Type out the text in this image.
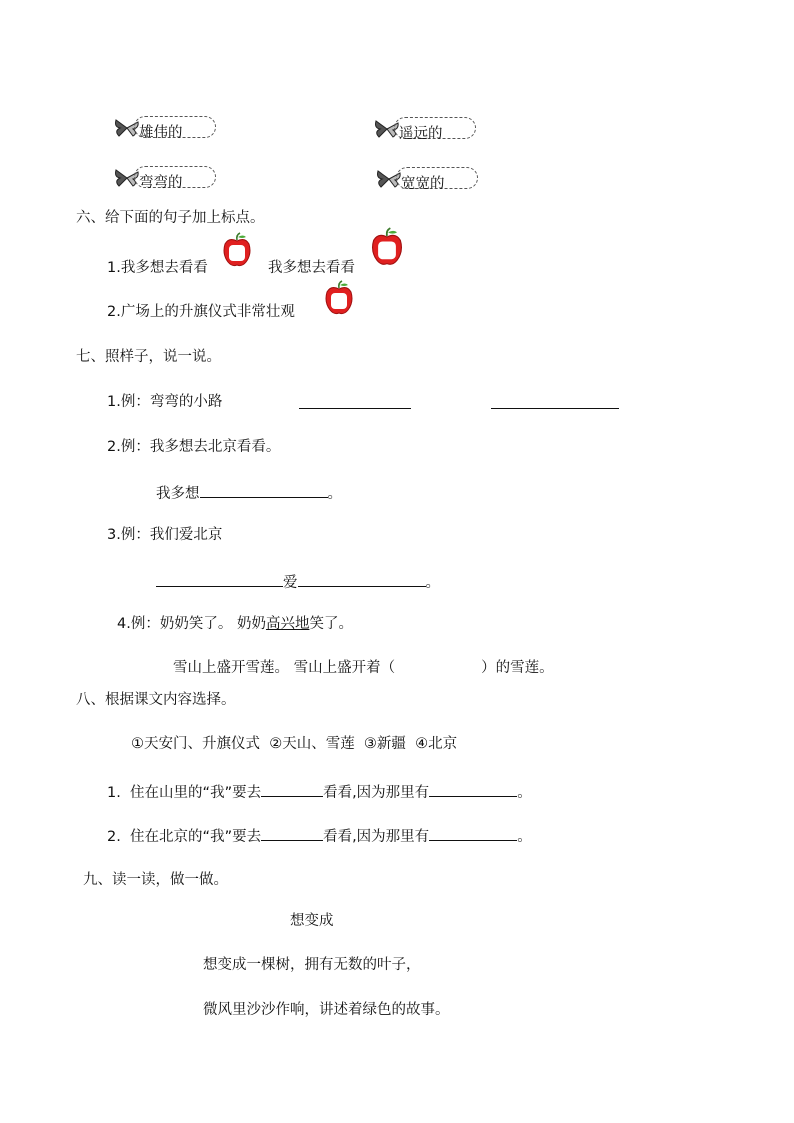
雄伟的	遥远的
弯弯的	宽宽的
六、给下面的句子加上标点。
1.我多想去看看	我多想去看看
2.广场上的升旗仪式非常壮观
七、照样子，说一说。
1.例：弯弯的小路
2.例：我多想去北京看看。
我多想	。
3.例：我们爱北京
爱	。
4.例：奶奶笑了。 奶奶高兴地笑了。
雪山上盛开雪莲。 雪山上盛开着（	）的雪莲。
八、根据课文内容选择。
①天安门、升旗仪式  ②天山、雪莲  ③新疆  ④北京
1.  住在山里的“我”要去	看看,因为那里有	。
2.  住在北京的“我”要去	看看,因为那里有	。
九、读一读，做一做。
想变成
想变成一棵树，拥有无数的叶子，
微风里沙沙作响，讲述着绿色的故事。
